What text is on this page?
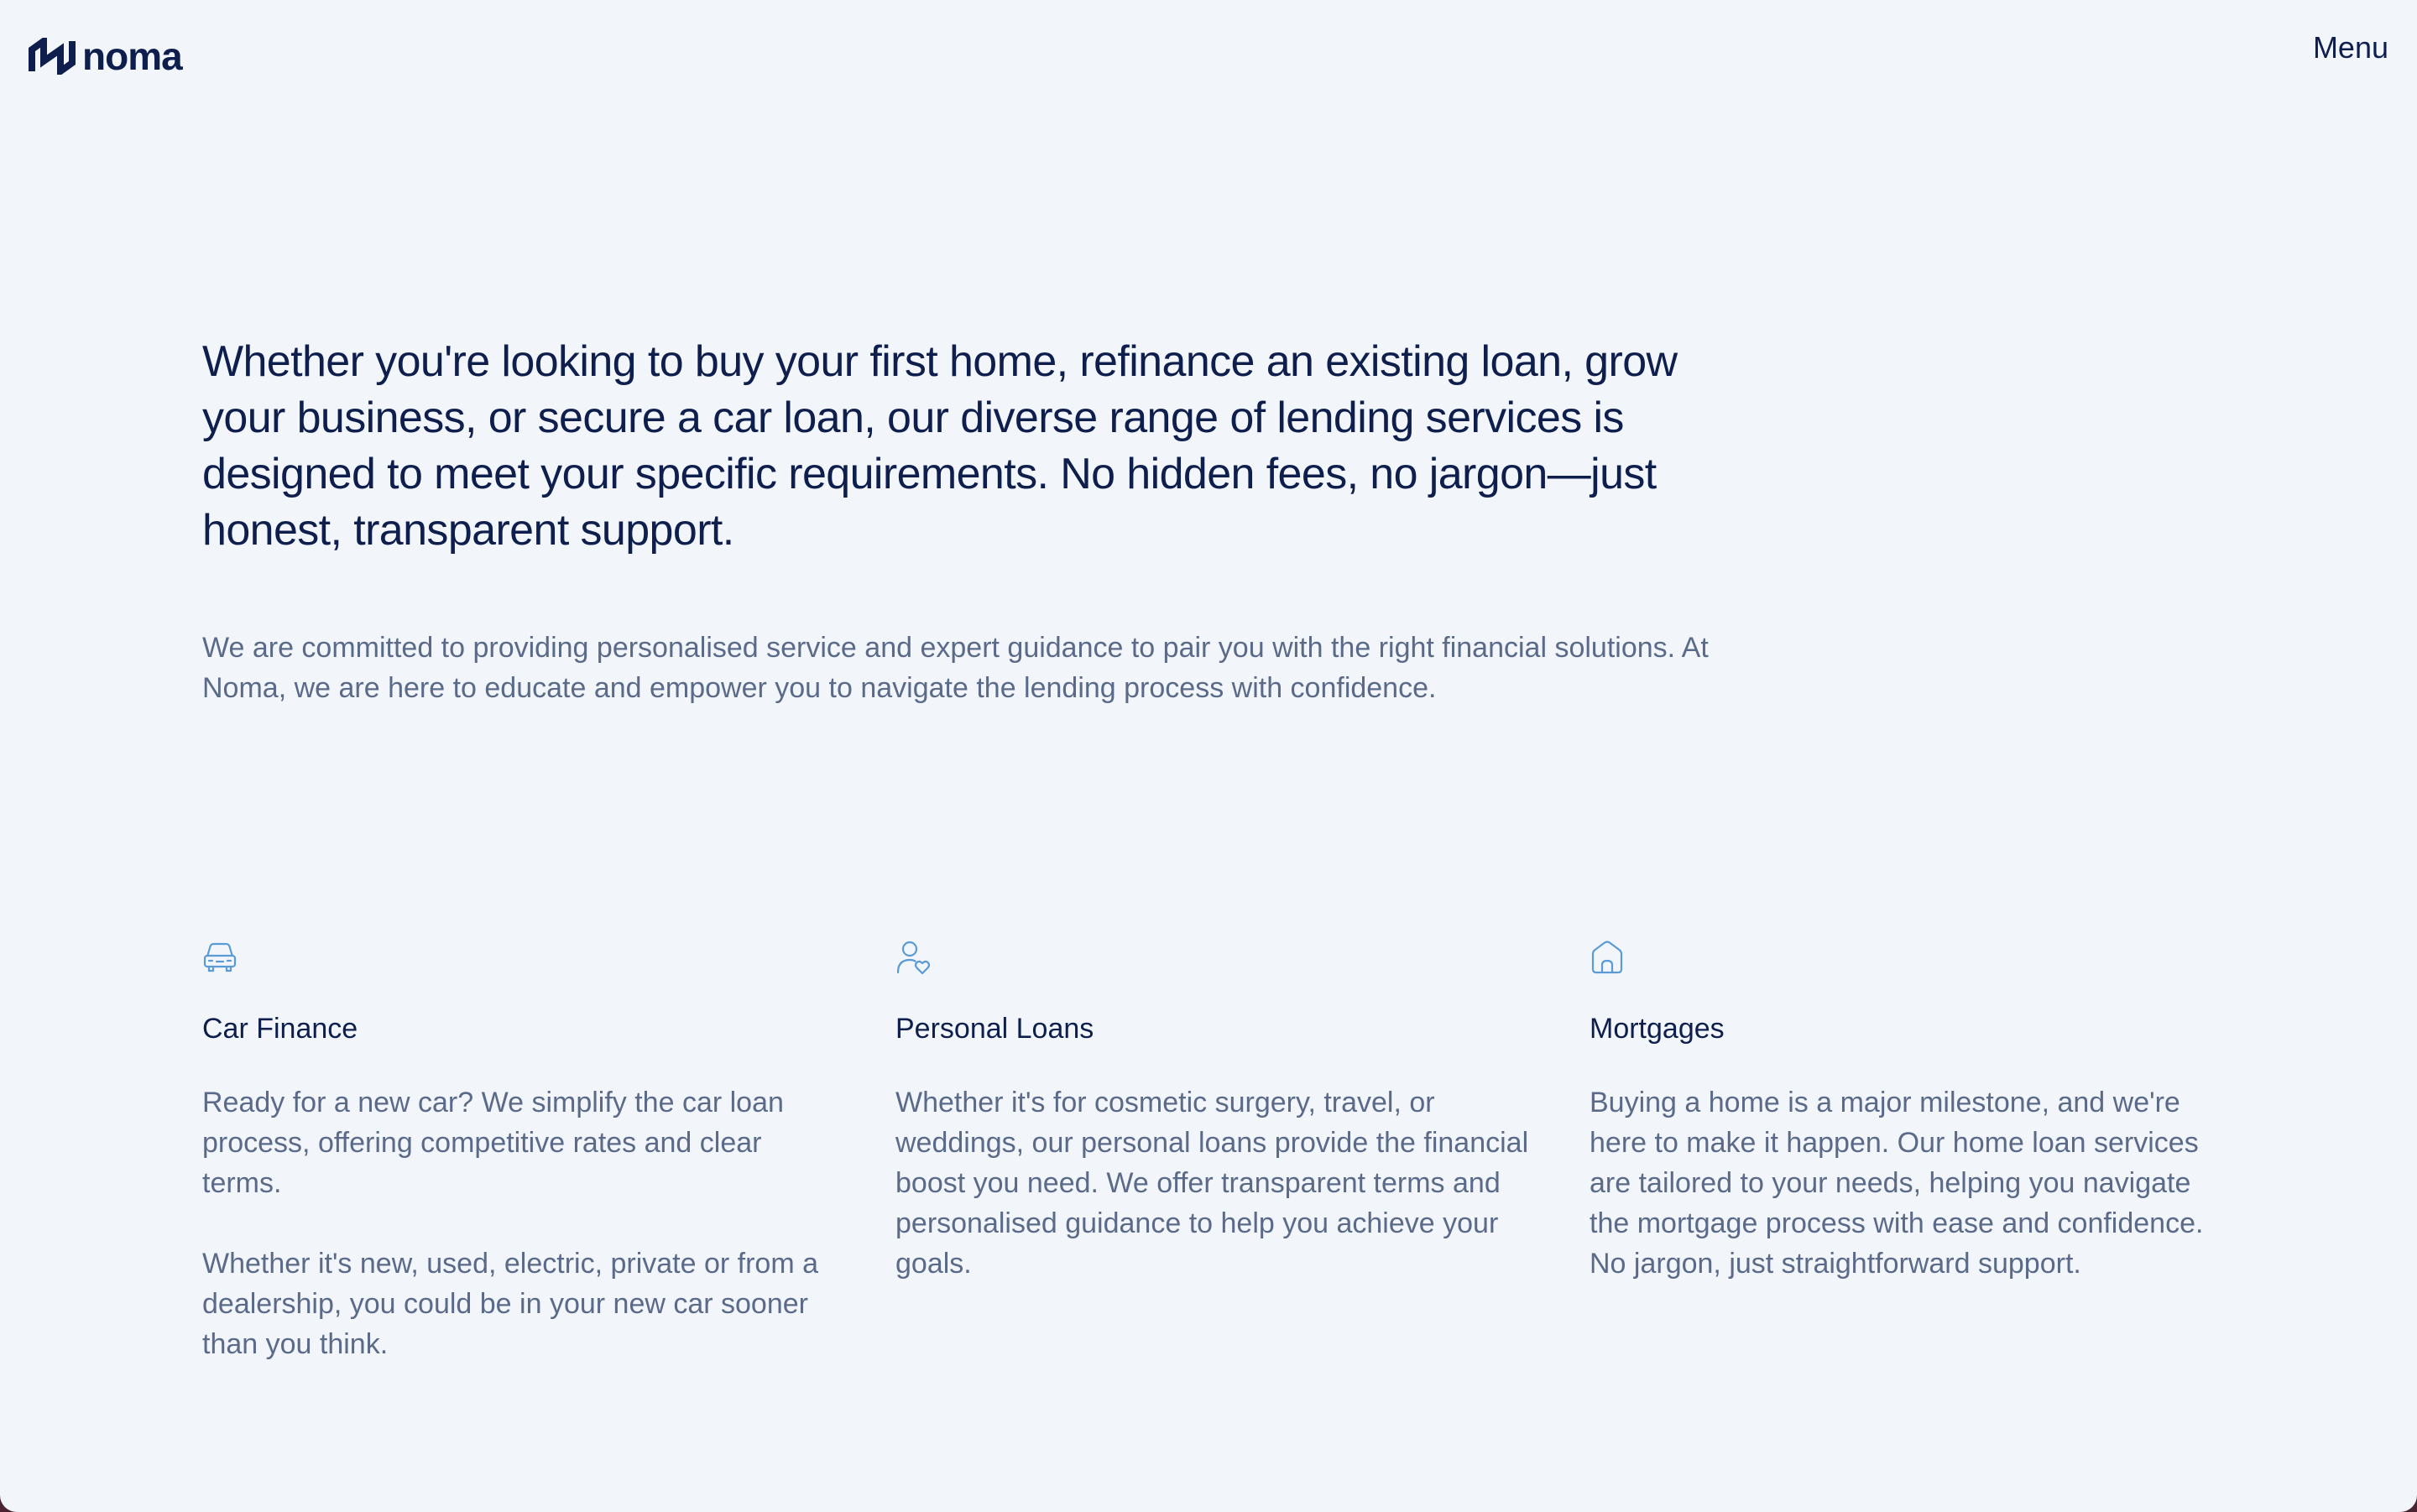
noma	Menu
Whether you're looking to buy your first home, refinance an existing loan, grow your business, or secure a car loan, our diverse range of lending services is designed to meet your specific requirements. No hidden fees, no jargon—just honest, transparent support.

We are committed to providing personalised service and expert guidance to pair you with the right financial solutions. At Noma, we are here to educate and empower you to navigate the lending process with confidence.

Car Finance

Ready for a new car? We simplify the car loan process, offering competitive rates and clear terms.

Whether it's new, used, electric, private or from a dealership, you could be in your new car sooner than you think.

Personal Loans

Whether it's for cosmetic surgery, travel, or weddings, our personal loans provide the financial boost you need. We offer transparent terms and personalised guidance to help you achieve your goals.

Mortgages

Buying a home is a major milestone, and we're here to make it happen. Our home loan services are tailored to your needs, helping you navigate the mortgage process with ease and confidence. No jargon, just straightforward support.
